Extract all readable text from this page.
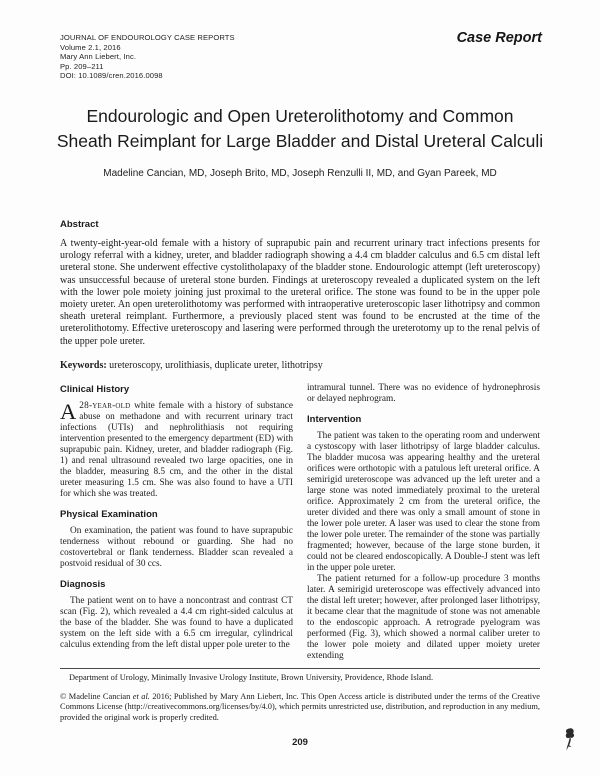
JOURNAL OF ENDOUROLOGY CASE REPORTS
Volume 2.1, 2016
Mary Ann Liebert, Inc.
Pp. 209–211
DOI: 10.1089/cren.2016.0098
Case Report
Endourologic and Open Ureterolithotomy and Common
Sheath Reimplant for Large Bladder and Distal Ureteral Calculi
Madeline Cancian, MD, Joseph Brito, MD, Joseph Renzulli II, MD, and Gyan Pareek, MD
Abstract

A twenty-eight-year-old female with a history of suprapubic pain and recurrent urinary tract infections presents for urology referral with a kidney, ureter, and bladder radiograph showing a 4.4 cm bladder calculus and 6.5 cm distal left ureteral stone. She underwent effective cystolitholapaxy of the bladder stone. Endourologic attempt (left ureteroscopy) was unsuccessful because of ureteral stone burden. Findings at ureteroscopy revealed a duplicated system on the left with the lower pole moiety joining just proximal to the ureteral orifice. The stone was found to be in the upper pole moiety ureter. An open ureterolithotomy was performed with intraoperative ureteroscopic laser lithotripsy and common sheath ureteral reimplant. Furthermore, a previously placed stent was found to be encrusted at the time of the ureterolithotomy. Effective ureteroscopy and lasering were performed through the ureterotomy up to the renal pelvis of the upper pole ureter.

Keywords: ureteroscopy, urolithiasis, duplicate ureter, lithotripsy

Clinical History

A 28-year-old white female with a history of substance abuse on methadone and with recurrent urinary tract infections (UTIs) and nephrolithiasis not requiring intervention presented to the emergency department (ED) with suprapubic pain. Kidney, ureter, and bladder radiograph (Fig. 1) and renal ultrasound revealed two large opacities, one in the bladder, measuring 8.5 cm, and the other in the distal ureter measuring 1.5 cm. She was also found to have a UTI for which she was treated.

Physical Examination

On examination, the patient was found to have suprapubic tenderness without rebound or guarding. She had no costovertebral or flank tenderness. Bladder scan revealed a postvoid residual of 30 ccs.

Diagnosis

The patient went on to have a noncontrast and contrast CT scan (Fig. 2), which revealed a 4.4 cm right-sided calculus at the base of the bladder. She was found to have a duplicated system on the left side with a 6.5 cm irregular, cylindrical calculus extending from the left distal upper pole ureter to the

intramural tunnel. There was no evidence of hydronephrosis or delayed nephrogram.

Intervention

The patient was taken to the operating room and underwent a cystoscopy with laser lithotripsy of large bladder calculus. The bladder mucosa was appearing healthy and the ureteral orifices were orthotopic with a patulous left ureteral orifice. A semirigid ureteroscope was advanced up the left ureter and a large stone was noted immediately proximal to the ureteral orifice. Approximately 2 cm from the ureteral orifice, the ureter divided and there was only a small amount of stone in the lower pole ureter. A laser was used to clear the stone from the lower pole ureter. The remainder of the stone was partially fragmented; however, because of the large stone burden, it could not be cleared endoscopically. A Double-J stent was left in the upper pole ureter.

The patient returned for a follow-up procedure 3 months later. A semirigid ureteroscope was effectively advanced into the distal left ureter; however, after prolonged laser lithotripsy, it became clear that the magnitude of stone was not amenable to the endoscopic approach. A retrograde pyelogram was performed (Fig. 3), which showed a normal caliber ureter to the lower pole moiety and dilated upper moiety ureter extending

Department of Urology, Minimally Invasive Urology Institute, Brown University, Providence, Rhode Island.
© Madeline Cancian et al. 2016; Published by Mary Ann Liebert, Inc. This Open Access article is distributed under the terms of the Creative Commons License (http://creativecommons.org/licenses/by/4.0), which permits unrestricted use, distribution, and reproduction in any medium, provided the original work is properly credited.
209
